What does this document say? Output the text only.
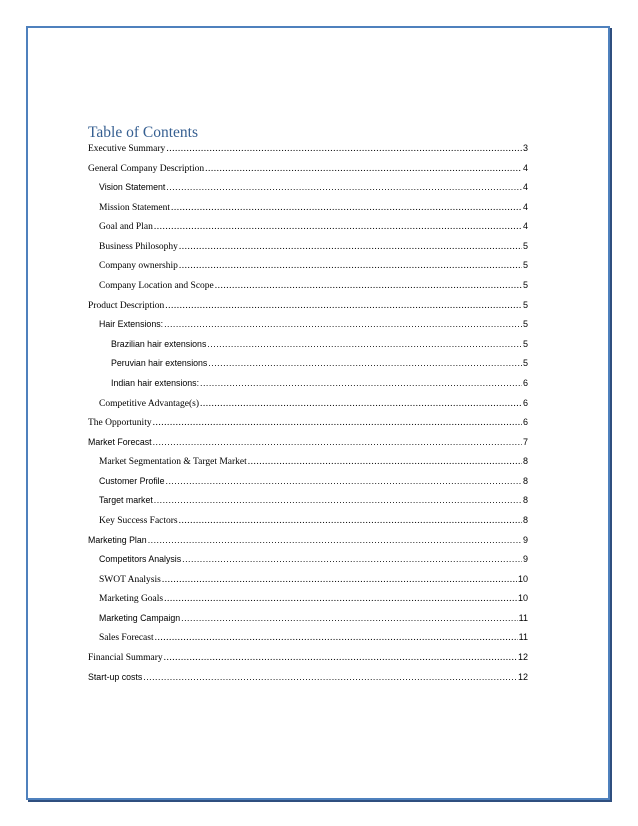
Table of Contents
Executive Summary .....	3
General Company Description .....	4
Vision Statement .....	4
Mission Statement .....	4
Goal and Plan .....	4
Business Philosophy .....	5
Company ownership .....	5
Company Location and Scope .....	5
Product Description .....	5
Hair Extensions: .....	5
Brazilian hair extensions .....	5
Peruvian hair extensions .....	5
Indian hair extensions: .....	6
Competitive Advantage(s) .....	6
The Opportunity .....	6
Market Forecast .....	7
Market Segmentation & Target Market .....	8
Customer Profile .....	8
Target market .....	8
Key Success Factors .....	8
Marketing Plan .....	9
Competitors Analysis .....	9
SWOT Analysis .....	10
Marketing Goals .....	10
Marketing Campaign .....	11
Sales Forecast .....	11
Financial Summary .....	12
Start-up costs .....	12
